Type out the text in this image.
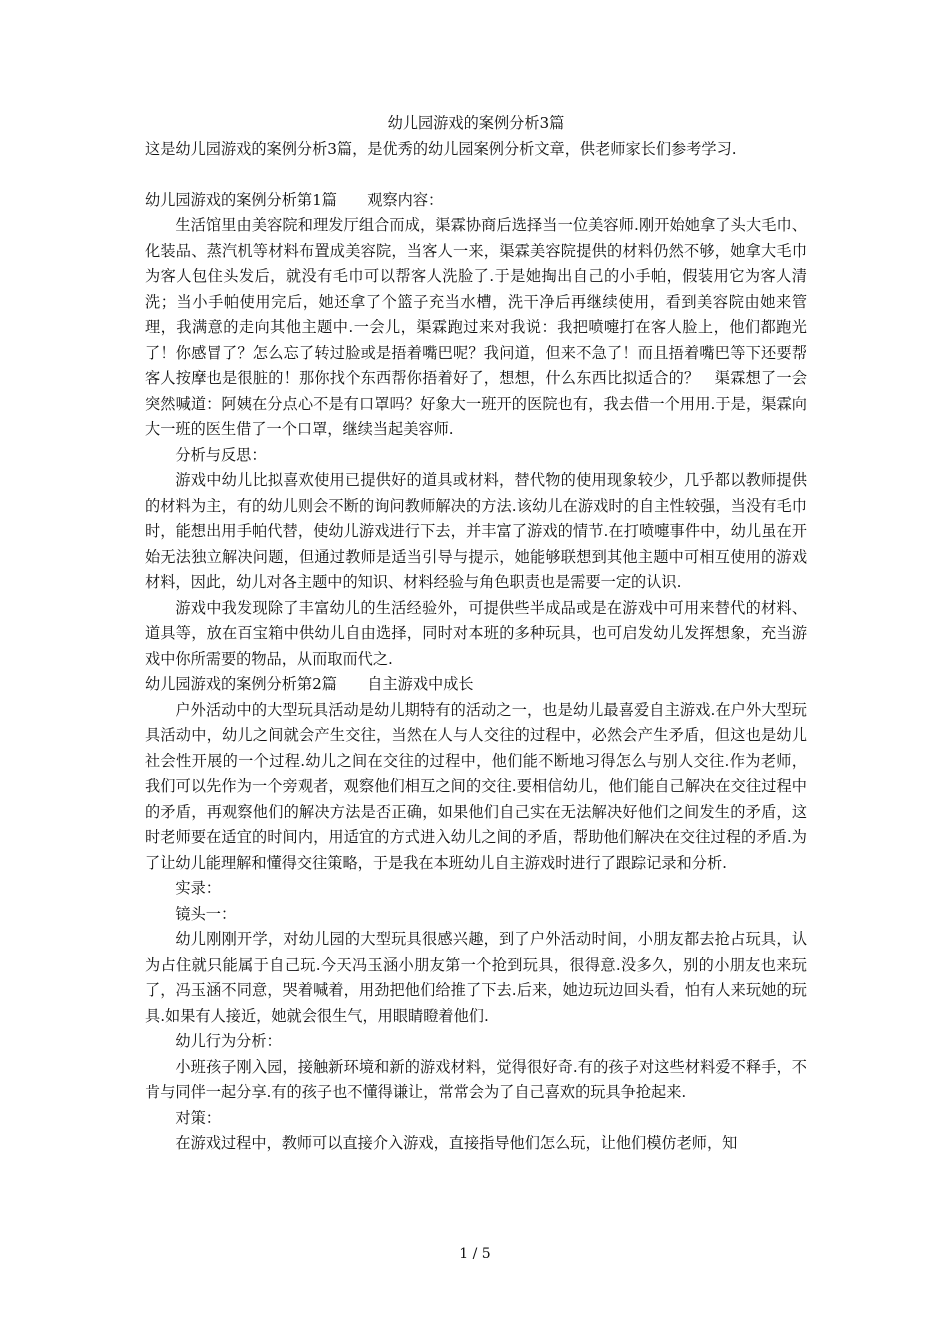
幼儿园游戏的案例分析3篇

这是幼儿园游戏的案例分析3篇，是优秀的幼儿园案例分析文章，供老师家长们参考学习.

幼儿园游戏的案例分析第1篇　　观察内容：

生活馆里由美容院和理发厅组合而成，渠霖协商后选择当一位美容师.刚开始她拿了头大毛巾、化装品、蒸汽机等材料布置成美容院，当客人一来，渠霖美容院提供的材料仍然不够，她拿大毛巾为客人包住头发后，就没有毛巾可以帮客人洗脸了.于是她掏出自己的小手帕，假装用它为客人清洗；当小手帕使用完后，她还拿了个篮子充当水槽，洗干净后再继续使用，看到美容院由她来管理，我满意的走向其他主题中.一会儿，渠霖跑过来对我说：我把喷嚏打在客人脸上，他们都跑光了！你感冒了？怎么忘了转过脸或是捂着嘴巴呢？我问道，但来不急了！而且捂着嘴巴等下还要帮客人按摩也是很脏的！那你找个东西帮你捂着好了，想想，什么东西比拟适合的？　渠霖想了一会突然喊道：阿姨在分点心不是有口罩吗？好象大一班开的医院也有，我去借一个用用.于是，渠霖向大一班的医生借了一个口罩，继续当起美容师.

分析与反思：

游戏中幼儿比拟喜欢使用已提供好的道具或材料，替代物的使用现象较少，几乎都以教师提供的材料为主，有的幼儿则会不断的询问教师解决的方法.该幼儿在游戏时的自主性较强，当没有毛巾时，能想出用手帕代替，使幼儿游戏进行下去，并丰富了游戏的情节.在打喷嚏事件中，幼儿虽在开始无法独立解决问题，但通过教师是适当引导与提示，她能够联想到其他主题中可相互使用的游戏材料，因此，幼儿对各主题中的知识、材料经验与角色职责也是需要一定的认识.

游戏中我发现除了丰富幼儿的生活经验外，可提供些半成品或是在游戏中可用来替代的材料、道具等，放在百宝箱中供幼儿自由选择，同时对本班的多种玩具，也可启发幼儿发挥想象，充当游戏中你所需要的物品，从而取而代之.

幼儿园游戏的案例分析第2篇　　自主游戏中成长

户外活动中的大型玩具活动是幼儿期特有的活动之一，也是幼儿最喜爱自主游戏.在户外大型玩具活动中，幼儿之间就会产生交往，当然在人与人交往的过程中，必然会产生矛盾，但这也是幼儿社会性开展的一个过程.幼儿之间在交往的过程中，他们能不断地习得怎么与别人交往.作为老师，我们可以先作为一个旁观者，观察他们相互之间的交往.要相信幼儿，他们能自己解决在交往过程中的矛盾，再观察他们的解决方法是否正确，如果他们自己实在无法解决好他们之间发生的矛盾，这时老师要在适宜的时间内，用适宜的方式进入幼儿之间的矛盾，帮助他们解决在交往过程的矛盾.为了让幼儿能理解和懂得交往策略，于是我在本班幼儿自主游戏时进行了跟踪记录和分析.

实录：

镜头一：

幼儿刚刚开学，对幼儿园的大型玩具很感兴趣，到了户外活动时间，小朋友都去抢占玩具，认为占住就只能属于自己玩.今天冯玉涵小朋友第一个抢到玩具，很得意.没多久，别的小朋友也来玩了，冯玉涵不同意，哭着喊着，用劲把他们给推了下去.后来，她边玩边回头看，怕有人来玩她的玩具.如果有人接近，她就会很生气，用眼睛瞪着他们.

幼儿行为分析：

小班孩子刚入园，接触新环境和新的游戏材料，觉得很好奇.有的孩子对这些材料爱不释手，不肯与同伴一起分享.有的孩子也不懂得谦让，常常会为了自己喜欢的玩具争抢起来.

对策：

在游戏过程中，教师可以直接介入游戏，直接指导他们怎么玩，让他们模仿老师，知

1 / 5
